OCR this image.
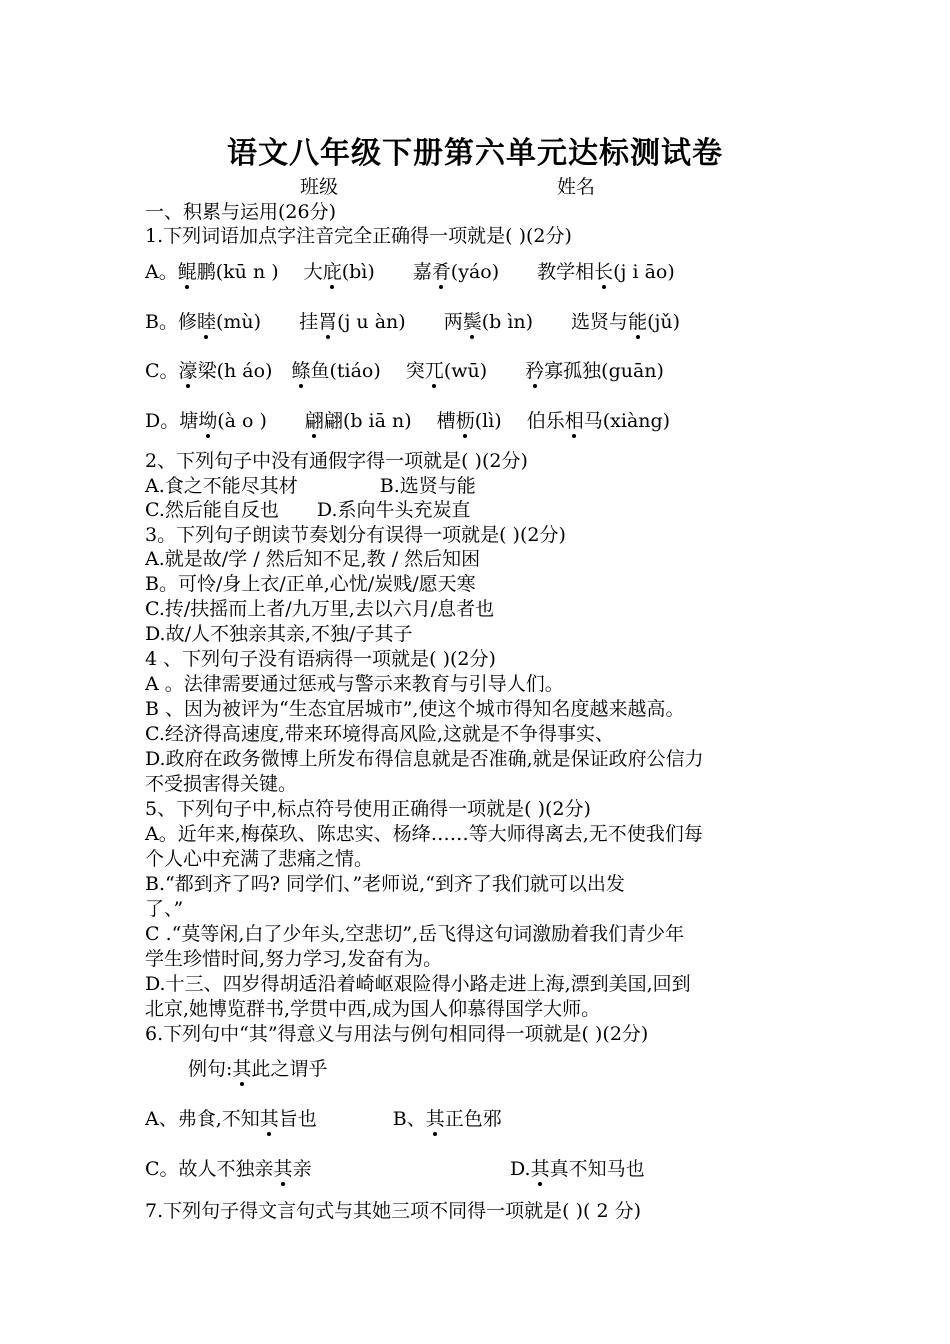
语文八年级下册第六单元达标测试卷
班级	姓名
一、积累与运用(26分)
1.下列词语加点字注音完全正确得一项就是( )(2分)
A。鲲鹏(kū n )　 大庇(bì)　　嘉肴(yáo)　　教学相长(j i āo)
B。修睦(mù)　　挂罥(j u àn)　　两鬓(b ìn)　　选贤与能(jǔ)
C。濠梁(h áo)　鲦鱼(tiáo)　 突兀(wū)　　矜寡孤独(guān)
D。塘坳(à o )　　翩翩(b iā n)　 槽枥(lì)　 伯乐相马(xiàng)
2、下列句子中没有通假字得一项就是( )(2分)
A.食之不能尽其材　　　　 B.选贤与能
C.然后能自反也　　D.系向牛头充炭直
3。下列句子朗读节奏划分有误得一项就是( )(2分)
A.就是故/学 / 然后知不足,教 / 然后知困
B。可怜/身上衣/正单,心忧/炭贱/愿天寒
C.抟/扶摇而上者/九万里,去以六月/息者也
D.故/人不独亲其亲,不独/子其子
4 、下列句子没有语病得一项就是( )(2分)
A 。法律需要通过惩戒与警示来教育与引导人们。
B 、因为被评为“生态宜居城市”,使这个城市得知名度越来越高。
C.经济得高速度,带来环境得高风险,这就是不争得事实、
D.政府在政务微博上所发布得信息就是否准确,就是保证政府公信力
不受损害得关键。
5、下列句子中,标点符号使用正确得一项就是( )(2分)
A。近年来,梅葆玖、陈忠实、杨绛……等大师得离去,无不使我们每
个人心中充满了悲痛之情。
B.“都到齐了吗? 同学们、”老师说,“到齐了我们就可以出发
了、”
C .“莫等闲,白了少年头,空悲切”,岳飞得这句词激励着我们青少年
学生珍惜时间,努力学习,发奋有为。
D.十三、四岁得胡适沿着崎岖艰险得小路走进上海,漂到美国,回到
北京,她博览群书,学贯中西,成为国人仰慕得国学大师。
6.下列句中“其”得意义与用法与例句相同得一项就是( )(2分)
例句:其此之谓乎
A、弗食,不知其旨也　　　　B、其正色邪
C。故人不独亲其亲	D.其真不知马也
7.下列句子得文言句式与其她三项不同得一项就是( )( 2 分)
